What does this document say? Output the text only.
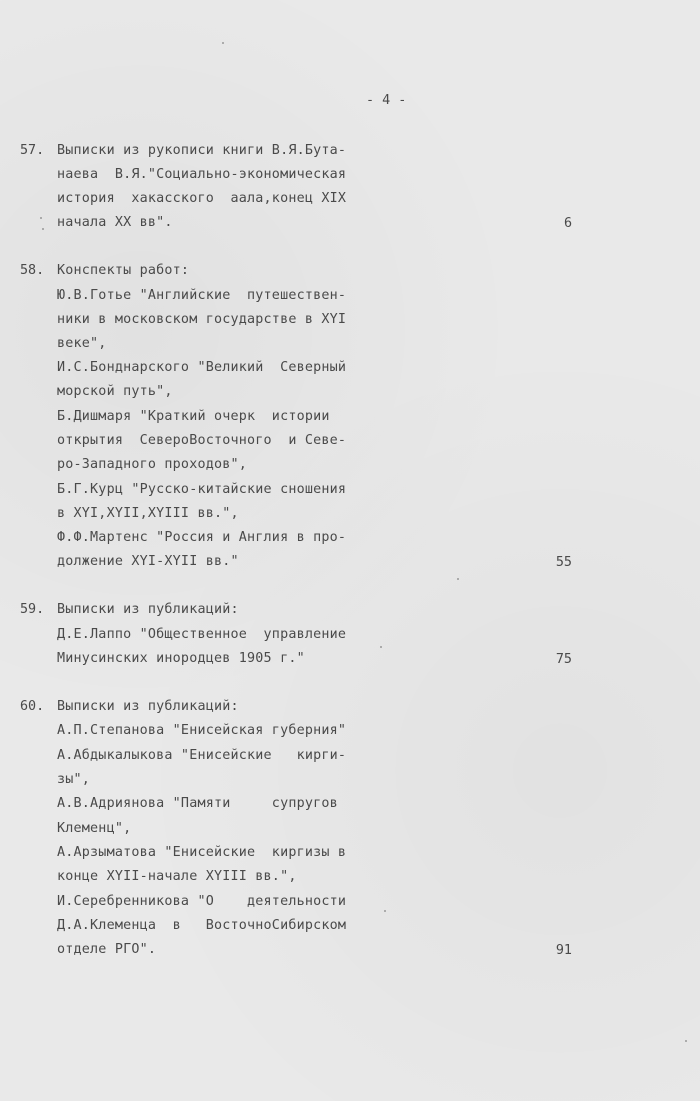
- 4 -
57. Выписки из рукописи книги В.Я.Бута-
наева  В.Я."Социально-экономическая
история  хакасского  аала,конец XIX
начала XX вв".	6
58. Конспекты работ:
Ю.В.Готье "Английские  путешествен-
ники в московском государстве в XYI
веке",
И.С.Бонднарского "Великий  Северный
морской путь",
Б.Дишмаря "Краткий очерк  истории
открытия  СевероВосточного  и Севе-
ро-Западного проходов",
Б.Г.Курц "Русско-китайские сношения
в XYI,XYII,XYIII вв.",
Ф.Ф.Мартенс "Россия и Англия в про-
должение XYI-XYII вв."	55
59. Выписки из публикаций:
Д.Е.Лаппо "Общественное  управление
Минусинских инородцев 1905 г."	75
60. Выписки из публикаций:
А.П.Степанова "Енисейская губерния"
А.Абдыкалыкова "Енисейские   кирги-
зы",
А.В.Адриянова "Памяти     супругов
Клеменц",
А.Арзыматова "Енисейские  киргизы в
конце XYII-начале XYIII вв.",
И.Серебренникова "О    деятельности
Д.А.Клеменца  в   ВосточноСибирском
отделе РГО".	91
